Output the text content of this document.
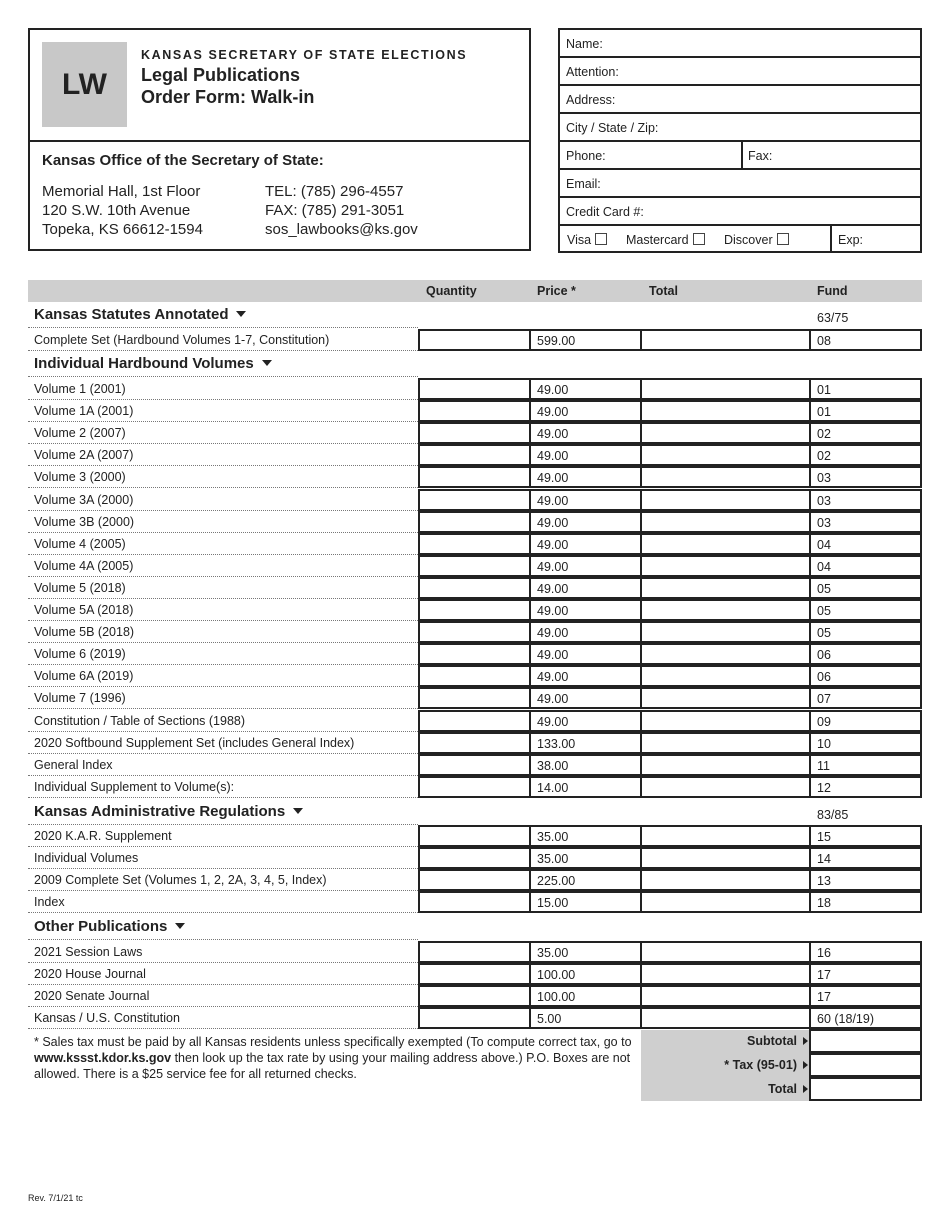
LW
KANSAS SECRETARY OF STATE ELECTIONS
Legal Publications
Order Form: Walk-in
Kansas Office of the Secretary of State:
Memorial Hall, 1st Floor
120 S.W. 10th Avenue
Topeka, KS 66612-1594
TEL: (785) 296-4557
FAX: (785) 291-3051
sos_lawbooks@ks.gov
Name:
Attention:
Address:
City / State / Zip:
Phone:	Fax:
Email:
Credit Card #:
Visa	Mastercard	Discover	Exp:
Quantity	Price *	Total	Fund
Kansas Statutes Annotated	63/75
Complete Set (Hardbound Volumes 1-7, Constitution)	599.00	08
Individual Hardbound Volumes
Volume 1 (2001)	49.00	01
Volume 1A (2001)	49.00	01
Volume 2 (2007)	49.00	02
Volume 2A (2007)	49.00	02
Volume 3 (2000)	49.00	03
Volume 3A (2000)	49.00	03
Volume 3B (2000)	49.00	03
Volume 4 (2005)	49.00	04
Volume 4A (2005)	49.00	04
Volume 5 (2018)	49.00	05
Volume 5A (2018)	49.00	05
Volume 5B (2018)	49.00	05
Volume 6 (2019)	49.00	06
Volume 6A (2019)	49.00	06
Volume 7 (1996)	49.00	07
Constitution / Table of Sections (1988)	49.00	09
2020 Softbound Supplement Set (includes General Index)	133.00	10
General Index	38.00	11
Individual Supplement to Volume(s):	14.00	12
Kansas Administrative Regulations	83/85
2020 K.A.R. Supplement	35.00	15
Individual Volumes	35.00	14
2009 Complete Set (Volumes 1, 2, 2A, 3, 4, 5, Index)	225.00	13
Index	15.00	18
Other Publications
2021 Session Laws	35.00	16
2020 House Journal	100.00	17
2020 Senate Journal	100.00	17
Kansas / U.S. Constitution	5.00	60 (18/19)
* Sales tax must be paid by all Kansas residents unless specifically exempted (To compute correct tax, go to www.kssst.kdor.ks.gov then look up the tax rate by using your mailing address above.) P.O. Boxes are not allowed. There is a $25 service fee for all returned checks.
Subtotal
* Tax (95-01)
Total
Rev. 7/1/21 tc
